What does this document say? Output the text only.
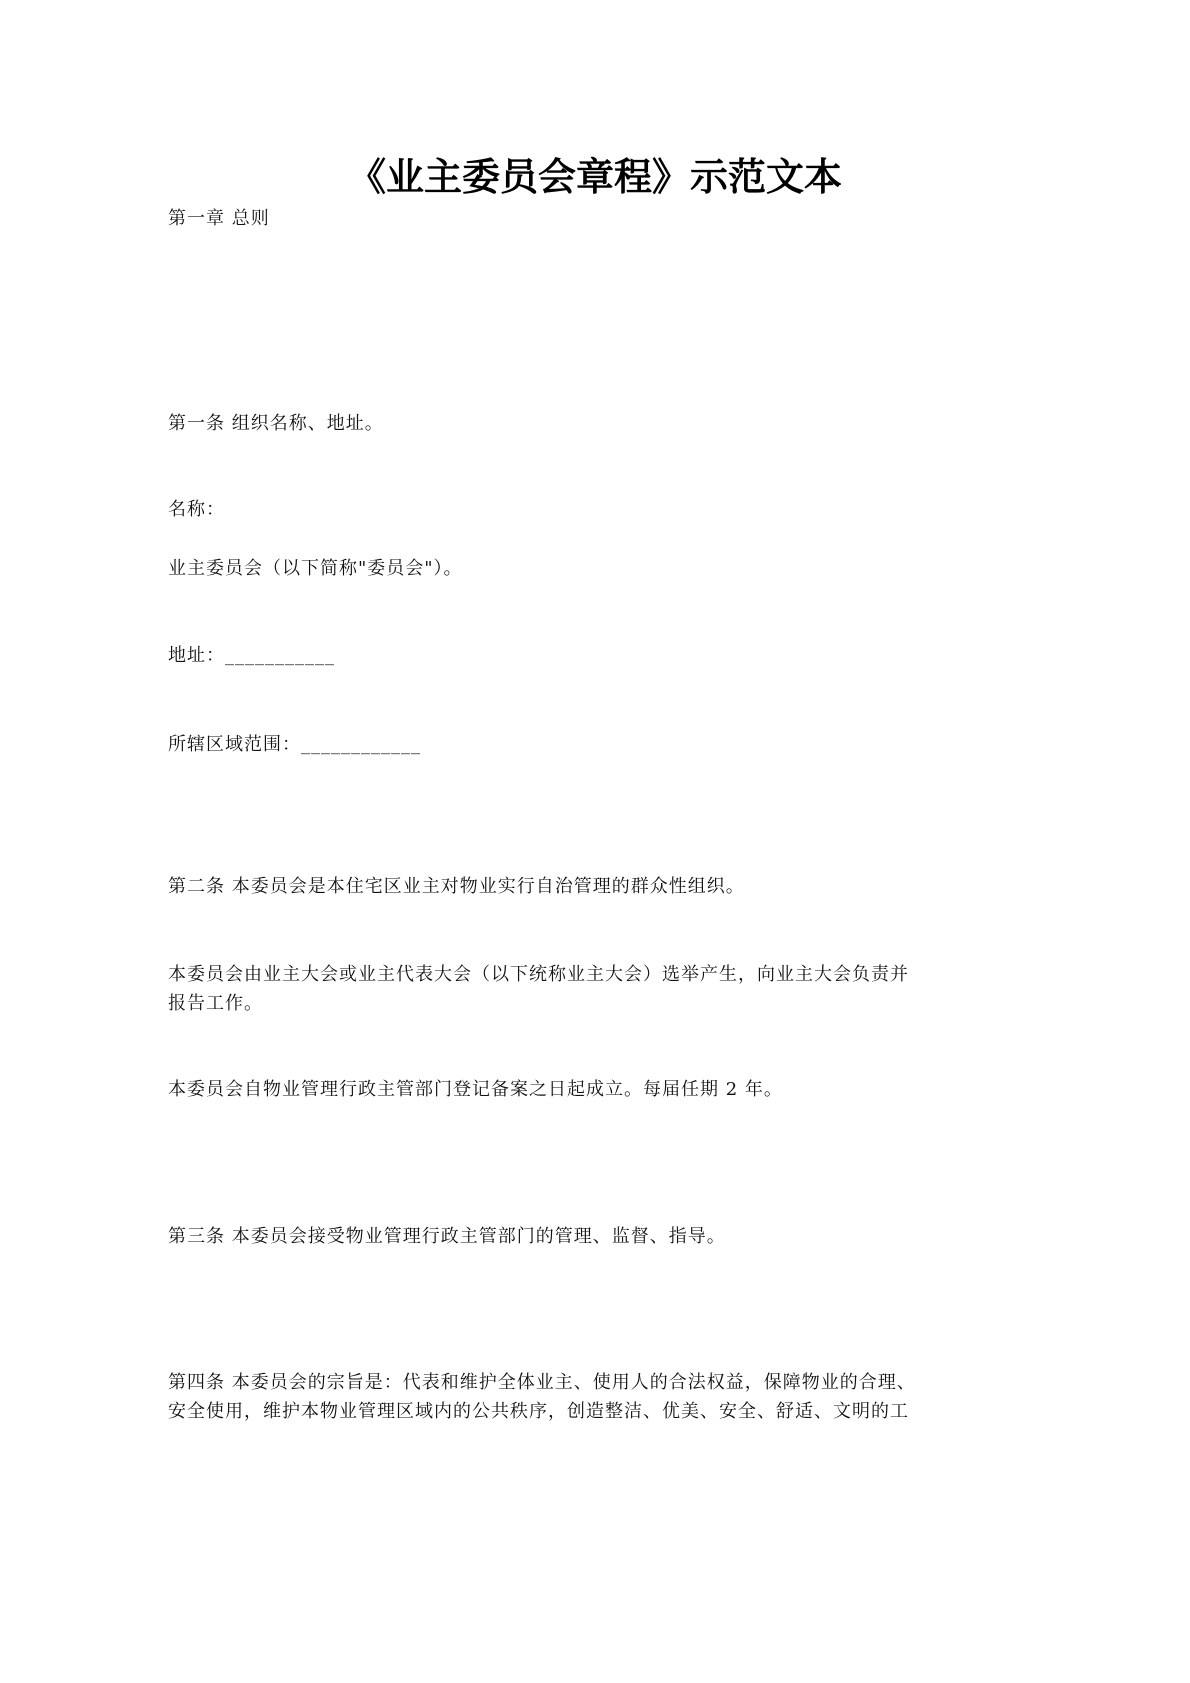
《业主委员会章程》示范文本
第一章 总则
第一条 组织名称、地址。
名称：
业主委员会（以下简称"委员会"）。
地址：___________
所辖区域范围：____________
第二条 本委员会是本住宅区业主对物业实行自治管理的群众性组织。
本委员会由业主大会或业主代表大会（以下统称业主大会）选举产生，向业主大会负责并
报告工作。
本委员会自物业管理行政主管部门登记备案之日起成立。每届任期 2 年。
第三条 本委员会接受物业管理行政主管部门的管理、监督、指导。
第四条 本委员会的宗旨是：代表和维护全体业主、使用人的合法权益，保障物业的合理、
安全使用，维护本物业管理区域内的公共秩序，创造整洁、优美、安全、舒适、文明的工
